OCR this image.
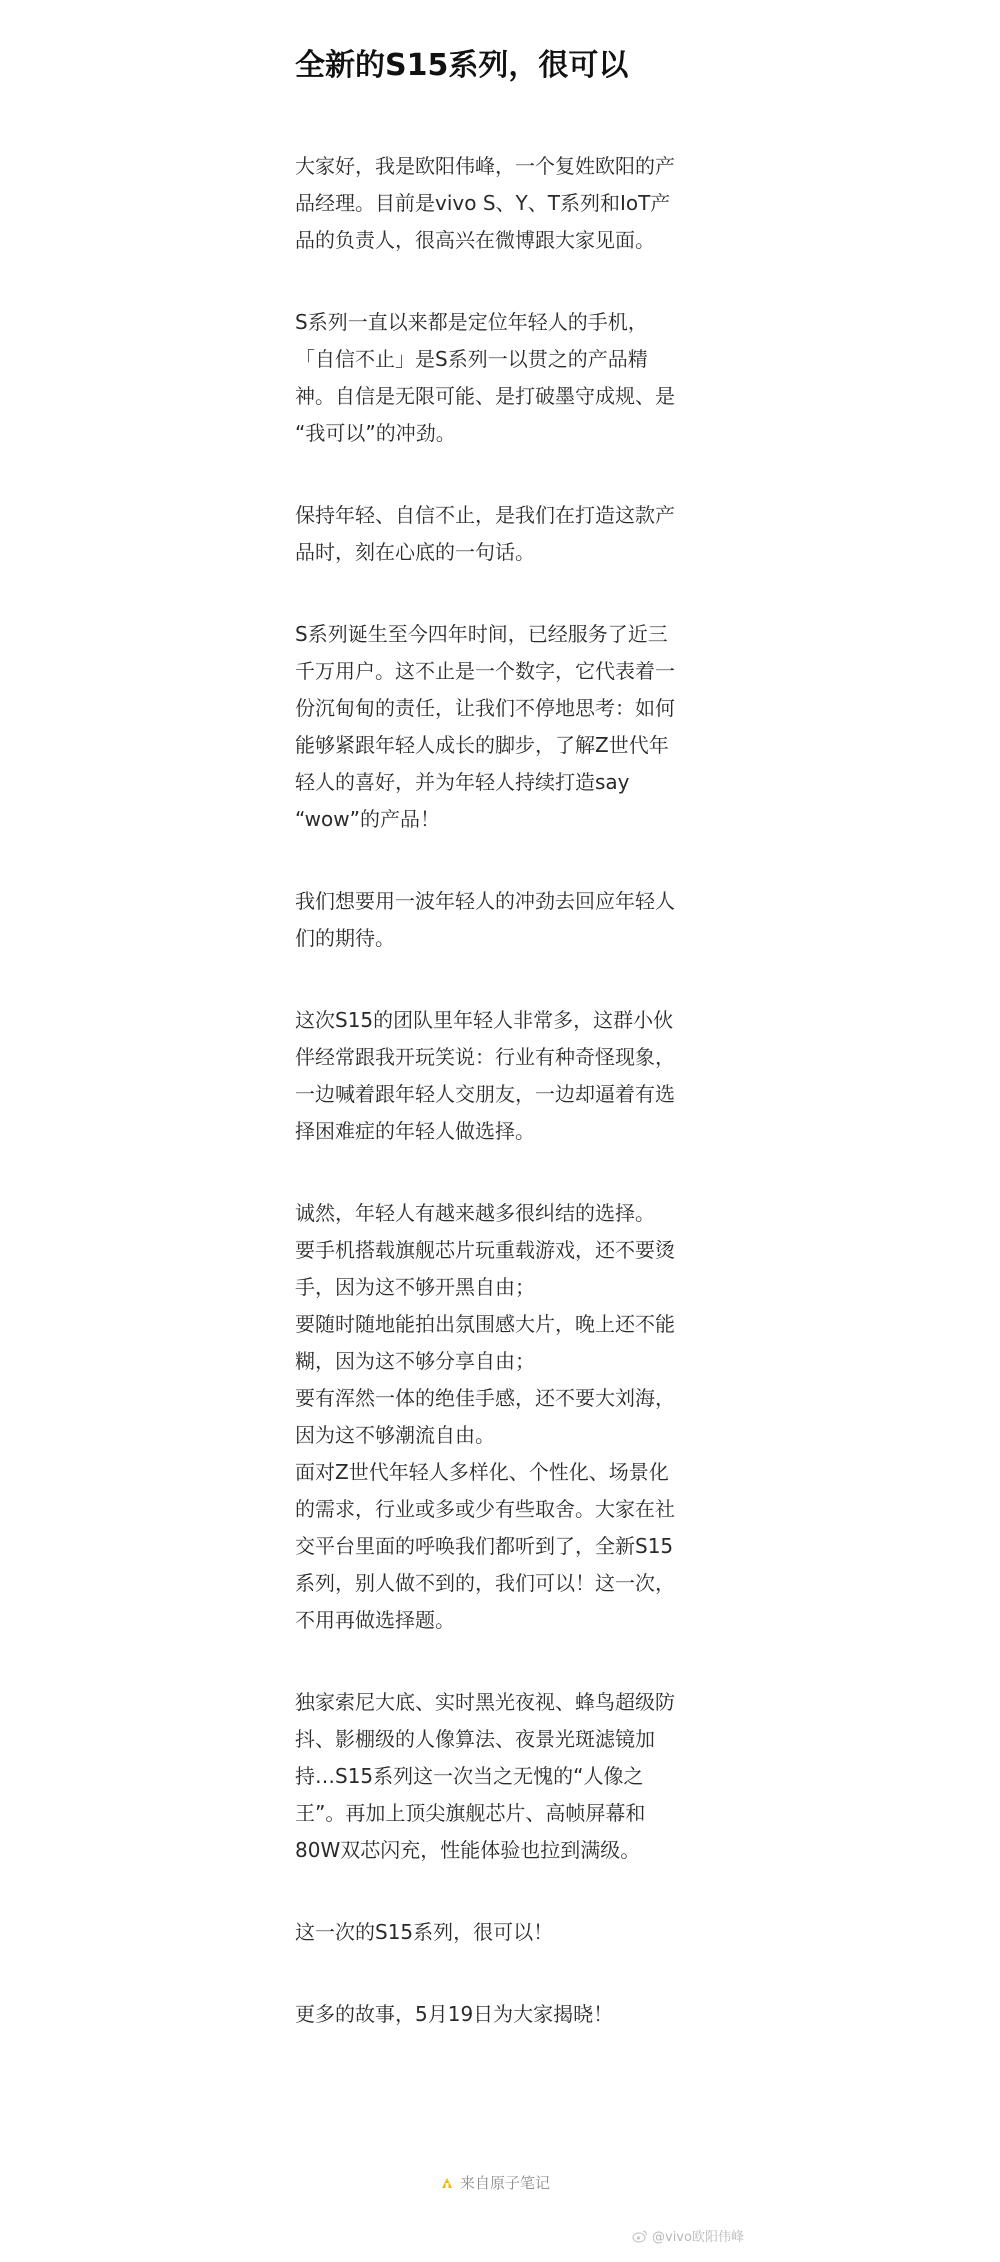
全新的S15系列，很可以
大家好，我是欧阳伟峰，一个复姓欧阳的产
品经理。目前是vivo S、Y、T系列和IoT产
品的负责人，很高兴在微博跟大家见面。
S系列一直以来都是定位年轻人的手机，
「自信不止」是S系列一以贯之的产品精
神。自信是无限可能、是打破墨守成规、是
“我可以”的冲劲。
保持年轻、自信不止，是我们在打造这款产
品时，刻在心底的一句话。
S系列诞生至今四年时间，已经服务了近三
千万用户。这不止是一个数字，它代表着一
份沉甸甸的责任，让我们不停地思考：如何
能够紧跟年轻人成长的脚步，了解Z世代年
轻人的喜好，并为年轻人持续打造say
“wow”的产品！
我们想要用一波年轻人的冲劲去回应年轻人
们的期待。
这次S15的团队里年轻人非常多，这群小伙
伴经常跟我开玩笑说：行业有种奇怪现象，
一边喊着跟年轻人交朋友，一边却逼着有选
择困难症的年轻人做选择。
诚然，年轻人有越来越多很纠结的选择。
要手机搭载旗舰芯片玩重载游戏，还不要烫
手，因为这不够开黑自由；
要随时随地能拍出氛围感大片，晚上还不能
糊，因为这不够分享自由；
要有浑然一体的绝佳手感，还不要大刘海，
因为这不够潮流自由。
面对Z世代年轻人多样化、个性化、场景化
的需求，行业或多或少有些取舍。大家在社
交平台里面的呼唤我们都听到了，全新S15
系列，别人做不到的，我们可以！这一次，
不用再做选择题。
独家索尼大底、实时黑光夜视、蜂鸟超级防
抖、影棚级的人像算法、夜景光斑滤镜加
持…S15系列这一次当之无愧的“人像之
王”。再加上顶尖旗舰芯片、高帧屏幕和
80W双芯闪充，性能体验也拉到满级。
这一次的S15系列，很可以！
更多的故事，5月19日为大家揭晓！
来自原子笔记
@vivo欧阳伟峰
